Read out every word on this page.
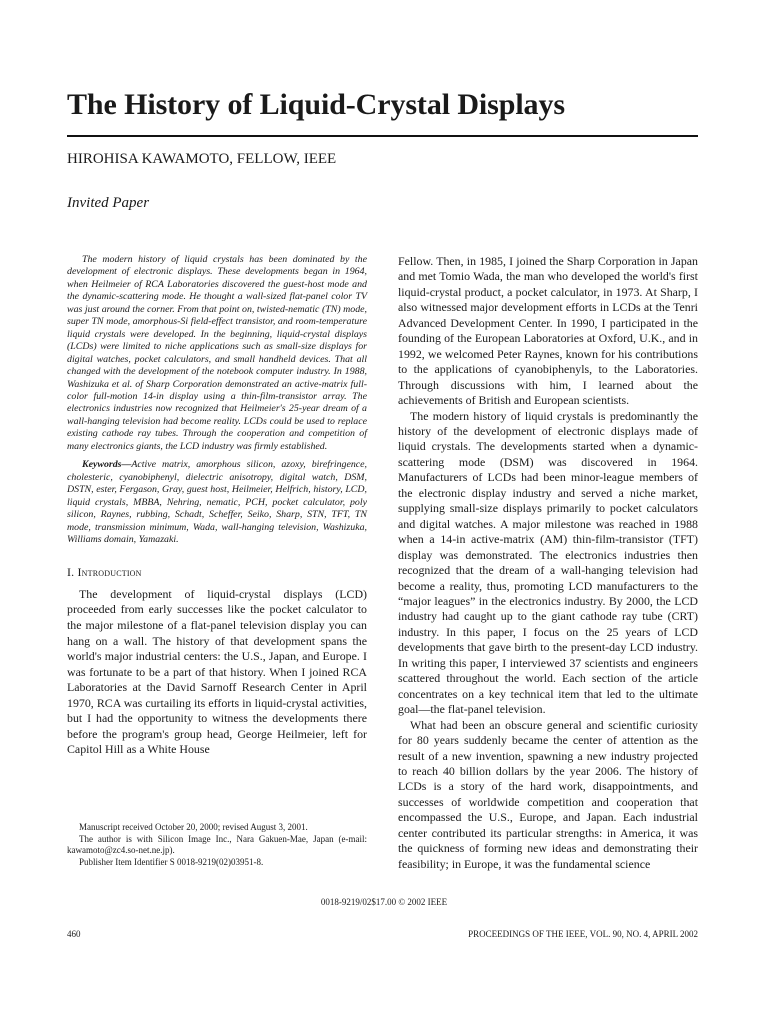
The History of Liquid-Crystal Displays
HIROHISA KAWAMOTO, FELLOW, IEEE
Invited Paper

The modern history of liquid crystals has been dominated by the development of electronic displays. These developments began in 1964, when Heilmeier of RCA Laboratories discovered the guest-host mode and the dynamic-scattering mode. He thought a wall-sized flat-panel color TV was just around the corner. From that point on, twisted-nematic (TN) mode, super TN mode, amorphous-Si field-effect transistor, and room-temperature liquid crystals were developed. In the beginning, liquid-crystal displays (LCDs) were limited to niche applications such as small-size displays for digital watches, pocket calculators, and small handheld devices. That all changed with the development of the notebook computer industry. In 1988, Washizuka et al. of Sharp Corporation demonstrated an active-matrix full-color full-motion 14-in display using a thin-film-transistor array. The electronics industries now recognized that Heilmeier's 25-year dream of a wall-hanging television had become reality. LCDs could be used to replace existing cathode ray tubes. Through the cooperation and competition of many electronics giants, the LCD industry was firmly established.

Keywords—Active matrix, amorphous silicon, azoxy, birefringence, cholesteric, cyanobiphenyl, dielectric anisotropy, digital watch, DSM, DSTN, ester, Fergason, Gray, guest host, Heilmeier, Helfrich, history, LCD, liquid crystals, MBBA, Nehring, nematic, PCH, pocket calculator, poly silicon, Raynes, rubbing, Schadt, Scheffer, Seiko, Sharp, STN, TFT, TN mode, transmission minimum, Wada, wall-hanging television, Washizuka, Williams domain, Yamazaki.

I. Introduction

The development of liquid-crystal displays (LCD) proceeded from early successes like the pocket calculator to the major milestone of a flat-panel television display you can hang on a wall. The history of that development spans the world's major industrial centers: the U.S., Japan, and Europe. I was fortunate to be a part of that history. When I joined RCA Laboratories at the David Sarnoff Research Center in April 1970, RCA was curtailing its efforts in liquid-crystal activities, but I had the opportunity to witness the developments there before the program's group head, George Heilmeier, left for Capitol Hill as a White House

Fellow. Then, in 1985, I joined the Sharp Corporation in Japan and met Tomio Wada, the man who developed the world's first liquid-crystal product, a pocket calculator, in 1973. At Sharp, I also witnessed major development efforts in LCDs at the Tenri Advanced Development Center. In 1990, I participated in the founding of the European Laboratories at Oxford, U.K., and in 1992, we welcomed Peter Raynes, known for his contributions to the applications of cyanobiphenyls, to the Laboratories. Through discussions with him, I learned about the achievements of British and European scientists.

The modern history of liquid crystals is predominantly the history of the development of electronic displays made of liquid crystals. The developments started when a dynamic-scattering mode (DSM) was discovered in 1964. Manufacturers of LCDs had been minor-league members of the electronic display industry and served a niche market, supplying small-size displays primarily to pocket calculators and digital watches. A major milestone was reached in 1988 when a 14-in active-matrix (AM) thin-film-transistor (TFT) display was demonstrated. The electronics industries then recognized that the dream of a wall-hanging television had become a reality, thus, promoting LCD manufacturers to the “major leagues” in the electronics industry. By 2000, the LCD industry had caught up to the giant cathode ray tube (CRT) industry. In this paper, I focus on the 25 years of LCD developments that gave birth to the present-day LCD industry. In writing this paper, I interviewed 37 scientists and engineers scattered throughout the world. Each section of the article concentrates on a key technical item that led to the ultimate goal—the flat-panel television.

What had been an obscure general and scientific curiosity for 80 years suddenly became the center of attention as the result of a new invention, spawning a new industry projected to reach 40 billion dollars by the year 2006. The history of LCDs is a story of the hard work, disappointments, and successes of worldwide competition and cooperation that encompassed the U.S., Europe, and Japan. Each industrial center contributed its particular strengths: in America, it was the quickness of forming new ideas and demonstrating their feasibility; in Europe, it was the fundamental science

Manuscript received October 20, 2000; revised August 3, 2001.

The author is with Silicon Image Inc., Nara Gakuen-Mae, Japan (e-mail: kawamoto@zc4.so-net.ne.jp).

Publisher Item Identifier S 0018-9219(02)03951-8.

0018-9219/02$17.00 © 2002 IEEE
460	PROCEEDINGS OF THE IEEE, VOL. 90, NO. 4, APRIL 2002
